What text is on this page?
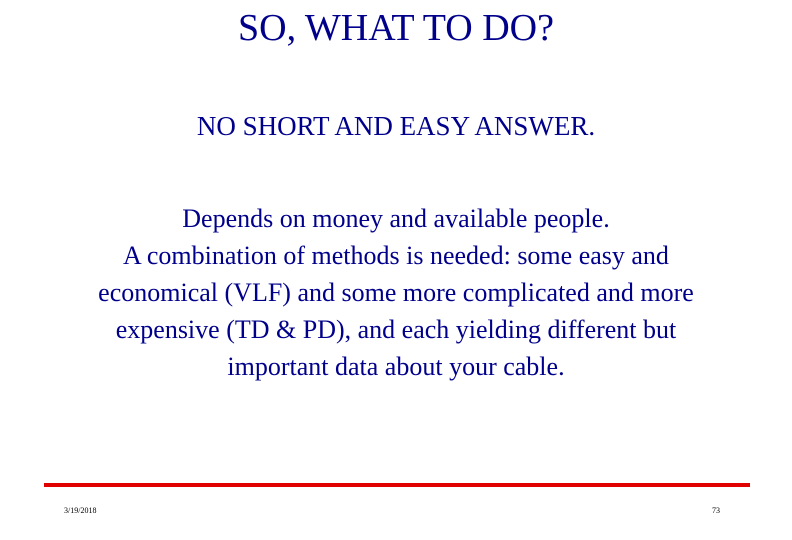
SO, WHAT TO DO?

NO SHORT AND EASY ANSWER.

Depends on money and available people.
A combination of methods is needed: some easy and
economical (VLF) and some more complicated and more
expensive (TD & PD), and each yielding different but
important data about your cable.
3/19/2018	73
